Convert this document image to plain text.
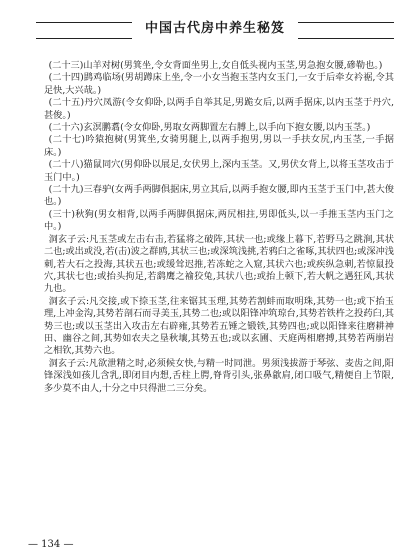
中国古代房中养生秘笈

(二十三)山羊对树(男箕坐,令女背面坐男上,女自低头视内玉茎,男急抱女腰,磣勒也。)

(二十四)鹍鸡临场(男胡蹲床上坐,令一小女当抱玉茎内女玉门,一女于后牵女衿裾,令其足快,大兴哉。)

(二十五)丹穴凤游(令女仰卧,以两手自举其足,男跪女后,以两手据床,以内玉茎于丹穴,甚俊。)

(二十六)玄溟鹏翥(令女仰卧,男取女两脚置左右膊上,以手向下抱女腰,以内玉茎。)

(二十七)吟猿抱树(男箕坐,女骑男腿上,以两手抱男,男以一手扶女尻,内玉茎,一手据床。)

(二十八)猫鼠同穴(男仰卧以展足,女伏男上,深内玉茎。又,男伏女背上,以将玉茎攻击于玉门中。)

(二十九)三春驴(女两手两脚俱据床,男立其后,以两手抱女腰,即内玉茎于玉门中,甚大俊也。)

(三十)秋狗(男女相背,以两手两脚俱据床,两尻相拄,男即低头,以一手推玉茎内玉门之中。)

洞玄子云:凡玉茎或左击右击,若猛将之破阵,其状一也;或缘上暮下,若野马之跳涧,其状二也;或出或没,若(击)波之群鸥,其状三也;或深筑浅挑,若鸦臼之雀啄,其状四也;或深冲浅刺,若大石之投海,其状五也;或缓耸迟推,若冻蛇之入窟,其状六也;或疾纵急刺,若惊鼠投穴,其状七也;或抬头拘足,若鹞鹰之褕狡兔,其状八也;或抬上顿下,若大帆之遇狂风,其状九也。

洞玄子云:凡交接,或下捺玉茎,往来锯其玉理,其势若割蚌而取明珠,其势一也;或下抬玉理,上冲金沟,其势若剖石而寻美玉,其势二也;或以阳锋冲筑琼台,其势若铁杵之投药臼,其势三也;或以玉茎出入攻击左右辟雍,其势若五锤之锻铁,其势四也;或以阳锋来往磨耕神田、幽谷之间,其势如农夫之垦秋壤,其势五也;或以玄圃、天庭两相磨搏,其势若两崩岩之相钦,其势六也。

洞玄子云:凡欲泄精之时,必须候女快,与精一时同泄。男须浅拔游于琴弦、麦齿之间,阳锋深浅如孩儿含乳,即闭目内想,舌柱上腭,脊背引头,张鼻歙肩,闭口吸气,精便自上节限,多少莫不由人,十分之中只得泄二三分矣。

— 134 —
